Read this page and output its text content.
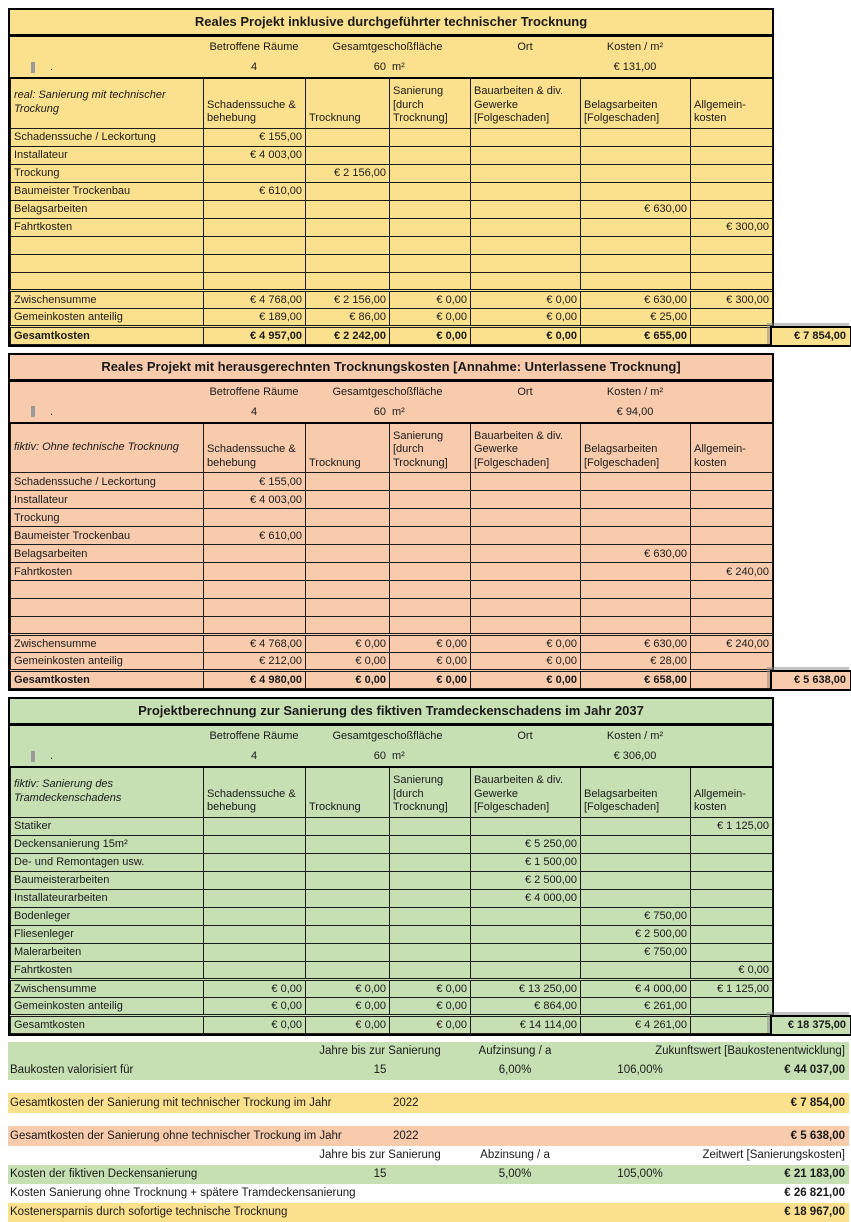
Reales Projekt inklusive durchgeführter technischer Trocknung
Betroffene Räume	Gesamtgeschoßfläche	Ort	Kosten / m²
.	4	60 m²	€ 131,00
real: Sanierung mit technischer Trockung	Schadenssuche & behebung	Trocknung	Sanierung [durch Trocknung]	Bauarbeiten & div. Gewerke [Folgeschaden]	Belagsarbeiten [Folgeschaden]	Allgemein- kosten
Schadenssuche / Leckortung	€ 155,00					
Installateur	€ 4 003,00					
Trockung		€ 2 156,00				
Baumeister Trockenbau	€ 610,00					
Belagsarbeiten					€ 630,00	
Fahrtkosten						€ 300,00

Zwischensumme	€ 4 768,00	€ 2 156,00	€ 0,00	€ 0,00	€ 630,00	€ 300,00
Gemeinkosten anteilig	€ 189,00	€ 86,00	€ 0,00	€ 0,00	€ 25,00	
Gesamtkosten	€ 4 957,00	€ 2 242,00	€ 0,00	€ 0,00	€ 655,00		€ 7 854,00
Reales Projekt mit herausgerechnten Trocknungskosten [Annahme: Unterlassene Trocknung]
Betroffene Räume	Gesamtgeschoßfläche	Ort	Kosten / m²
.	4	60 m²	€ 94,00
fiktiv: Ohne technische Trocknung	Schadenssuche & behebung	Trocknung	Sanierung [durch Trocknung]	Bauarbeiten & div. Gewerke [Folgeschaden]	Belagsarbeiten [Folgeschaden]	Allgemein- kosten
Schadenssuche / Leckortung	€ 155,00					
Installateur	€ 4 003,00					
Trockung						
Baumeister Trockenbau	€ 610,00					
Belagsarbeiten					€ 630,00	
Fahrtkosten						€ 240,00

Zwischensumme	€ 4 768,00	€ 0,00	€ 0,00	€ 0,00	€ 630,00	€ 240,00
Gemeinkosten anteilig	€ 212,00	€ 0,00	€ 0,00	€ 0,00	€ 28,00	
Gesamtkosten	€ 4 980,00	€ 0,00	€ 0,00	€ 0,00	€ 658,00		€ 5 638,00
Projektberechnung zur Sanierung des fiktiven Tramdeckenschadens im Jahr 2037
Betroffene Räume	Gesamtgeschoßfläche	Ort	Kosten / m²
.	4	60 m²	€ 306,00
fiktiv: Sanierung des Tramdeckenschadens	Schadenssuche & behebung	Trocknung	Sanierung [durch Trocknung]	Bauarbeiten & div. Gewerke [Folgeschaden]	Belagsarbeiten [Folgeschaden]	Allgemein- kosten
Statiker						€ 1 125,00
Deckensanierung 15m²				€ 5 250,00		
De- und Remontagen usw.				€ 1 500,00		
Baumeisterarbeiten				€ 2 500,00		
Installateurarbeiten				€ 4 000,00		
Bodenleger					€ 750,00	
Fliesenleger					€ 2 500,00	
Malerarbeiten					€ 750,00	
Fahrtkosten						€ 0,00
Zwischensumme	€ 0,00	€ 0,00	€ 0,00	€ 13 250,00	€ 4 000,00	€ 1 125,00
Gemeinkosten anteilig	€ 0,00	€ 0,00	€ 0,00	€ 864,00	€ 261,00	
Gesamtkosten	€ 0,00	€ 0,00	€ 0,00	€ 14 114,00	€ 4 261,00		€ 18 375,00
Jahre bis zur Sanierung	Aufzinsung / a	Zukunftswert [Baukostenentwicklung]
Baukosten valorisiert für	15	6,00%	106,00%	€ 44 037,00
Gesamtkosten der Sanierung mit technischer Trockung im Jahr	2022	€ 7 854,00
Gesamtkosten der Sanierung ohne technischer Trockung im Jahr	2022	€ 5 638,00
Jahre bis zur Sanierung	Abzinsung / a	Zeitwert [Sanierungskosten]
Kosten der fiktiven Deckensanierung	15	5,00%	105,00%	€ 21 183,00
Kosten Sanierung ohne Trocknung + spätere Tramdeckensanierung	€ 26 821,00
Kostenersparnis durch sofortige technische Trocknung	€ 18 967,00
